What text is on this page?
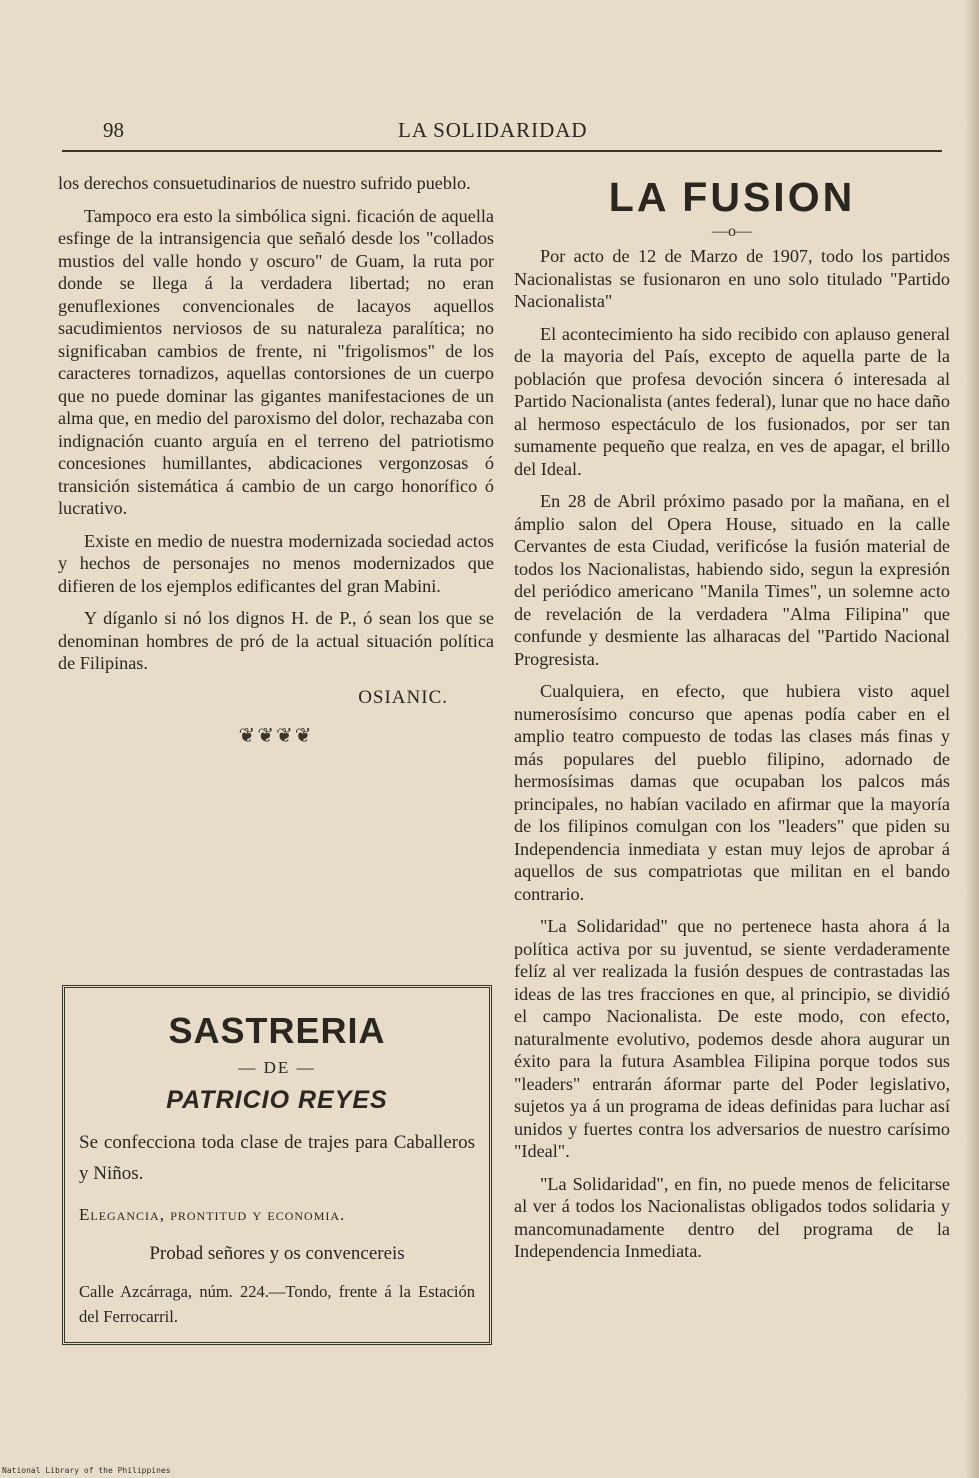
98	LA SOLIDARIDAD

los derechos consuetudinarios de nuestro sufrido pueblo.

Tampoco era esto la simbólica signi. ficación de aquella esfinge de la intransigencia que señaló desde los "collados mustios del valle hondo y oscuro" de Guam, la ruta por donde se llega á la verdadera libertad; no eran genuflexiones convencionales de lacayos aquellos sacudimientos nerviosos de su naturaleza paralítica; no significaban cambios de frente, ni "frigolismos" de los caracteres tornadizos, aquellas contorsiones de un cuerpo que no puede dominar las gigantes manifestaciones de un alma que, en medio del paroxismo del dolor, rechazaba con indignación cuanto arguía en el terreno del patriotismo concesiones humillantes, abdicaciones vergonzosas ó transición sistemática á cambio de un cargo honorífico ó lucrativo.

Existe en medio de nuestra modernizada sociedad actos y hechos de personajes no menos modernizados que difieren de los ejemplos edificantes del gran Mabini.

Y díganlo si nó los dignos H. de P., ó sean los que se denominan hombres de pró de la actual situación política de Filipinas.

OSIANIC.
❦❦❦❦
SASTRERIA
— DE —
PATRICIO REYES
Se confecciona toda clase de trajes para Caballeros y Niños.
Elegancia, prontitud y economia.
Probad señores y os convencereis
Calle Azcárraga, núm. 224.—Tondo, frente á la Estación del Ferrocarril.
LA FUSION
—o—

Por acto de 12 de Marzo de 1907, todo los partidos Nacionalistas se fusionaron en uno solo titulado "Partido Nacionalista"

El acontecimiento ha sido recibido con aplauso general de la mayoria del País, excepto de aquella parte de la población que profesa devoción sincera ó interesada al Partido Nacionalista (antes federal), lunar que no hace daño al hermoso espectáculo de los fusionados, por ser tan sumamente pequeño que realza, en ves de apagar, el brillo del Ideal.

En 28 de Abril próximo pasado por la mañana, en el ámplio salon del Opera House, situado en la calle Cervantes de esta Ciudad, verificóse la fusión material de todos los Nacionalistas, habiendo sido, segun la expresión del periódico americano "Manila Times", un solemne acto de revelación de la verdadera "Alma Filipina" que confunde y desmiente las alharacas del "Partido Nacional Progresista.

Cualquiera, en efecto, que hubiera visto aquel numerosísimo concurso que apenas podía caber en el amplio teatro compuesto de todas las clases más finas y más populares del pueblo filipino, adornado de hermosísimas damas que ocupaban los palcos más principales, no habían vacilado en afirmar que la mayoría de los filipinos comulgan con los "leaders" que piden su Independencia inmediata y estan muy lejos de aprobar á aquellos de sus compatriotas que militan en el bando contrario.

"La Solidaridad" que no pertenece hasta ahora á la política activa por su juventud, se siente verdaderamente felíz al ver realizada la fusión despues de contrastadas las ideas de las tres fracciones en que, al principio, se dividió el campo Nacionalista. De este modo, con efecto, naturalmente evolutivo, podemos desde ahora augurar un éxito para la futura Asamblea Filipina porque todos sus "leaders" entrarán áformar parte del Poder legislativo, sujetos ya á un programa de ideas definidas para luchar así unidos y fuertes contra los adversarios de nuestro carísimo "Ideal".

"La Solidaridad", en fin, no puede menos de felicitarse al ver á todos los Nacionalistas obligados todos solidaria y mancomunadamente dentro del programa de la Independencia Inmediata.

National Library of the Philippines
